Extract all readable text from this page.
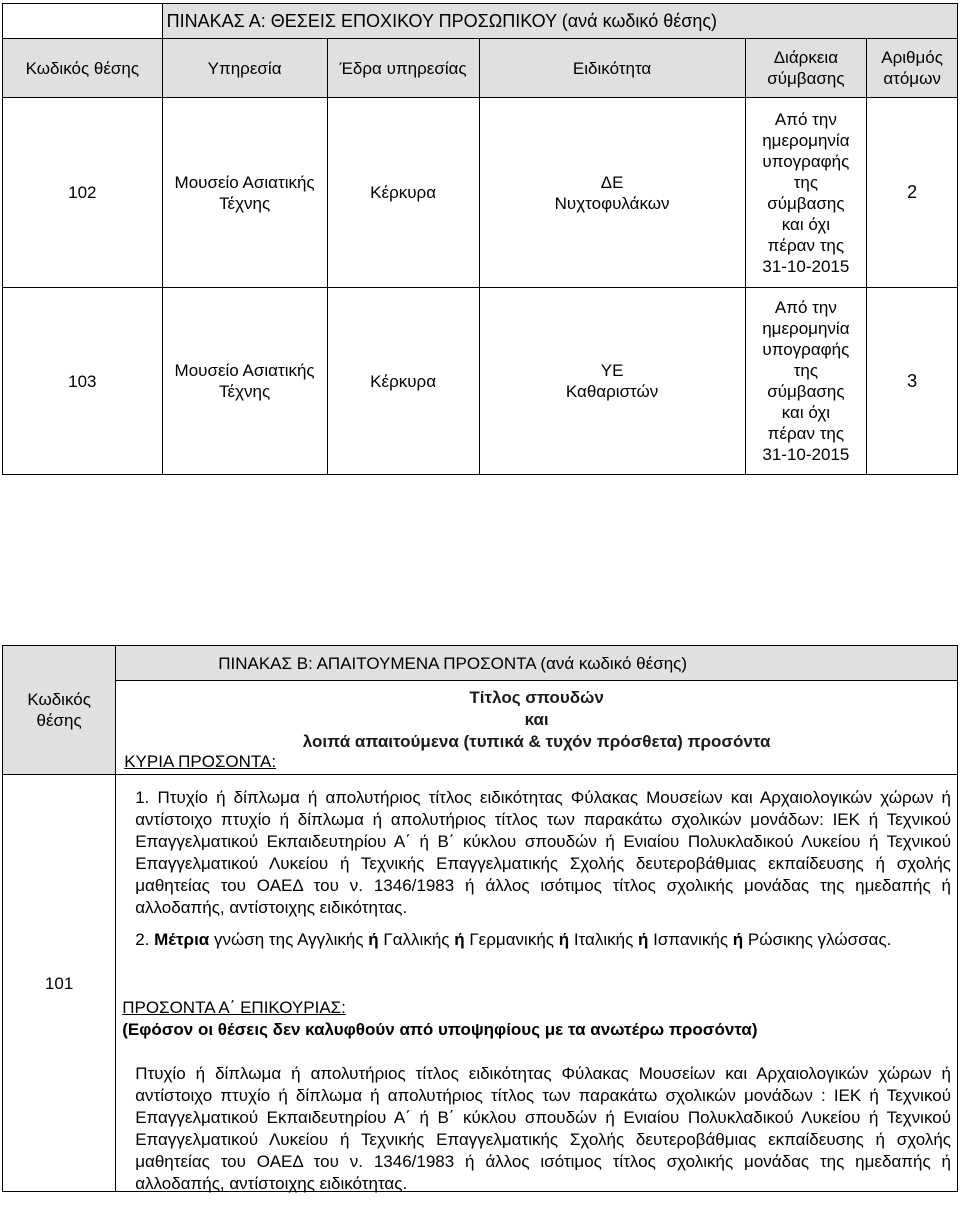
	ΠΙΝΑΚΑΣ Α: ΘΕΣΕΙΣ ΕΠΟΧΙΚΟΥ ΠΡΟΣΩΠΙΚΟΥ (ανά κωδικό θέσης)				
Κωδικός θέσης	Υπηρεσία	Έδρα υπηρεσίας	Ειδικότητα	Διάρκεια σύμβασης	Αριθμός ατόμων
102	Μουσείο Ασιατικής Τέχνης	Κέρκυρα	ΔΕ Νυχτοφυλάκων	Από την ημερομηνία υπογραφής της σύμβασης και όχι πέραν της 31-10-2015	2
103	Μουσείο Ασιατικής Τέχνης	Κέρκυρα	ΥΕ Καθαριστών	Από την ημερομηνία υπογραφής της σύμβασης και όχι πέραν της 31-10-2015	3
Κωδικός θέσης	ΠΙΝΑΚΑΣ Β: ΑΠΑΙΤΟΥΜΕΝΑ ΠΡΟΣΟΝΤΑ (ανά κωδικό θέσης)

	Τίτλος σπουδών
και
λοιπά απαιτούμενα (τυπικά & τυχόν πρόσθετα) προσόντα
ΚΥΡΙΑ ΠΡΟΣΟΝΤΑ:

101	1. Πτυχίο ή δίπλωμα ή απολυτήριος τίτλος ειδικότητας Φύλακας Μουσείων και Αρχαιολογικών χώρων ή αντίστοιχο πτυχίο ή δίπλωμα ή απολυτήριος τίτλος των παρακάτω σχολικών μονάδων: ΙΕΚ ή Τεχνικού Επαγγελματικού Εκπαιδευτηρίου Α΄ ή Β΄ κύκλου σπουδών ή Ενιαίου Πολυκλαδικού Λυκείου ή Τεχνικού Επαγγελματικού Λυκείου ή Τεχνικής Επαγγελματικής Σχολής δευτεροβάθμιας εκπαίδευσης ή σχολής μαθητείας του ΟΑΕΔ του ν. 1346/1983 ή άλλος ισότιμος τίτλος σχολικής μονάδας της ημεδαπής ή αλλοδαπής, αντίστοιχης ειδικότητας.

2. Μέτρια γνώση της Αγγλικής ή Γαλλικής ή Γερμανικής ή Ιταλικής ή Ισπανικής ή Ρώσικης γλώσσας.

ΠΡΟΣΟΝΤΑ Α΄ ΕΠΙΚΟΥΡΙΑΣ:
(Εφόσον οι θέσεις δεν καλυφθούν από υποψηφίους με τα ανωτέρω προσόντα)

Πτυχίο ή δίπλωμα ή απολυτήριος τίτλος ειδικότητας Φύλακας Μουσείων και Αρχαιολογικών χώρων ή αντίστοιχο πτυχίο ή δίπλωμα ή απολυτήριος τίτλος των παρακάτω σχολικών μονάδων : ΙΕΚ ή Τεχνικού Επαγγελματικού Εκπαιδευτηρίου Α΄ ή Β΄ κύκλου σπουδών ή Ενιαίου Πολυκλαδικού Λυκείου ή Τεχνικού Επαγγελματικού Λυκείου ή Τεχνικής Επαγγελματικής Σχολής δευτεροβάθμιας εκπαίδευσης ή σχολής μαθητείας του ΟΑΕΔ του ν. 1346/1983 ή άλλος ισότιμος τίτλος σχολικής μονάδας της ημεδαπής ή αλλοδαπής, αντίστοιχης ειδικότητας.
